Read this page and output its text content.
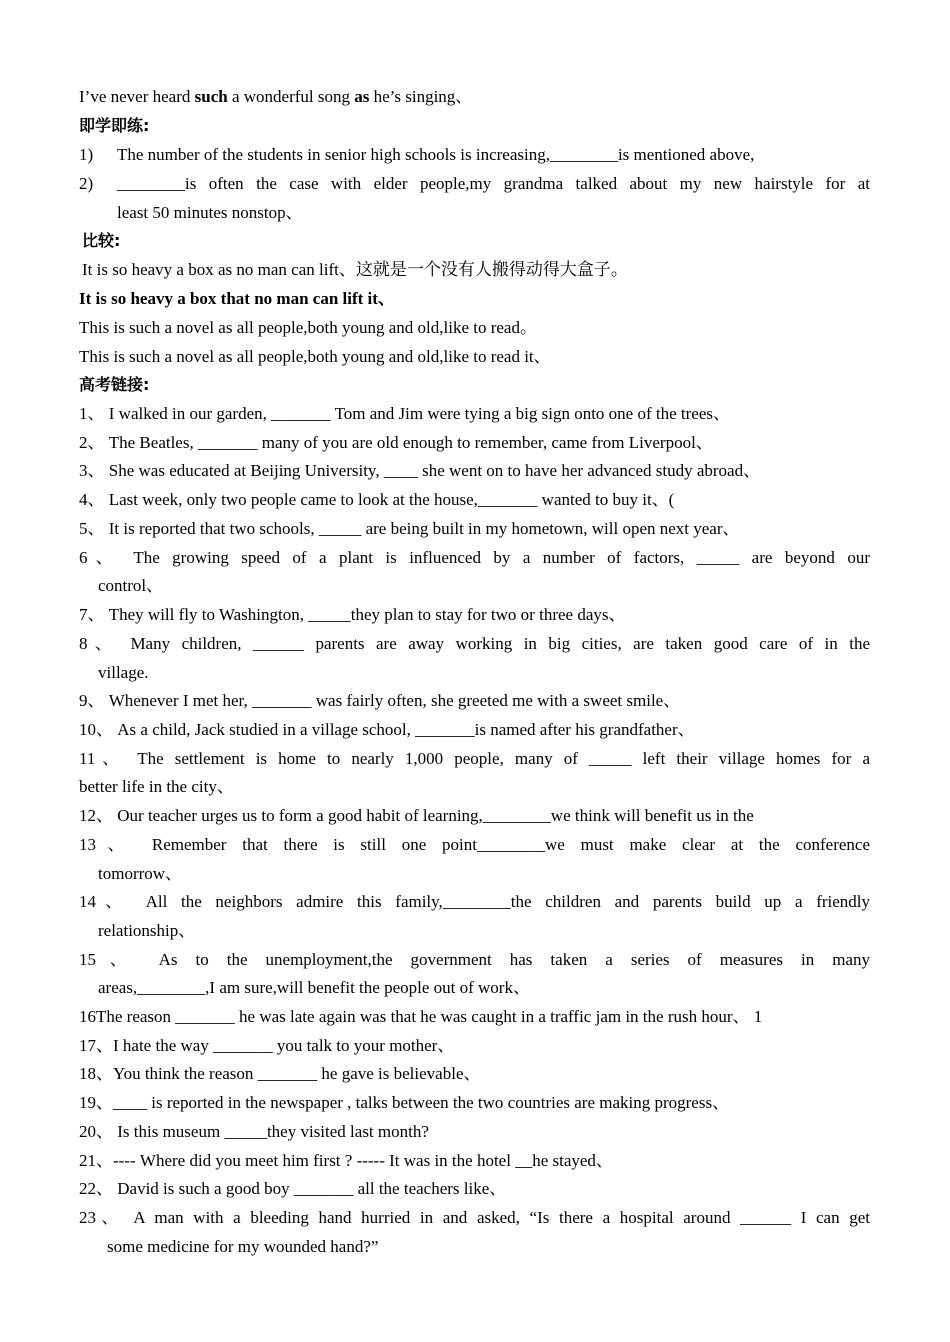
I’ve never heard such a wonderful song as he’s singing、
即学即练:
1) The number of the students in senior high schools is increasing,________is mentioned above,
2) ________is often the case with elder people,my grandma talked about my new hairstyle for at
least 50 minutes nonstop、
比较:
It is so heavy a box as no man can lift、这就是一个没有人搬得动得大盒子。
It is so heavy a box that no man can lift it、
This is such a novel as all people,both young and old,like to read。
This is such a novel as all people,both young and old,like to read it、
高考链接:
1、 I walked in our garden, _______ Tom and Jim were tying a big sign onto one of the trees、
2、 The Beatles, _______ many of you are old enough to remember, came from Liverpool、
3、 She was educated at Beijing University, ____ she went on to have her advanced study abroad、
4、 Last week, only two people came to look at the house,_______ wanted to buy it、(
5、 It is reported that two schools, _____ are being built in my hometown, will open next year、
6、 The growing speed of a plant is influenced by a number of factors, _____ are beyond our
control、
7、 They will fly to Washington, _____they plan to stay for two or three days、
8、 Many children, ______ parents are away working in big cities, are taken good care of in the
village.
9、 Whenever I met her, _______ was fairly often, she greeted me with a sweet smile、
10、 As a child, Jack studied in a village school, _______is named after his grandfather、
11、 The settlement is home to nearly 1,000 people, many of _____ left their village homes for a
better life in the city、
12、 Our teacher urges us to form a good habit of learning,________we think will benefit us in the
13、 Remember that there is still one point________we must make clear at the conference
tomorrow、
14、 All the neighbors admire this family,________the children and parents build up a friendly
relationship、
15、 As to the unemployment,the government has taken a series of measures in many
areas,________,I am sure,will benefit the people out of work、
16The reason _______ he was late again was that he was caught in a traffic jam in the rush hour、 1
17、I hate the way _______ you talk to your mother、
18、You think the reason _______ he gave is believable、
19、____ is reported in the newspaper , talks between the two countries are making progress、
20、 Is this museum _____they visited last month?
21、---- Where did you meet him first ? ----- It was in the hotel __he stayed、
22、 David is such a good boy _______ all the teachers like、
23、 A man with a bleeding hand hurried in and asked, “Is there a hospital around ______ I can get
some medicine for my wounded hand?”
